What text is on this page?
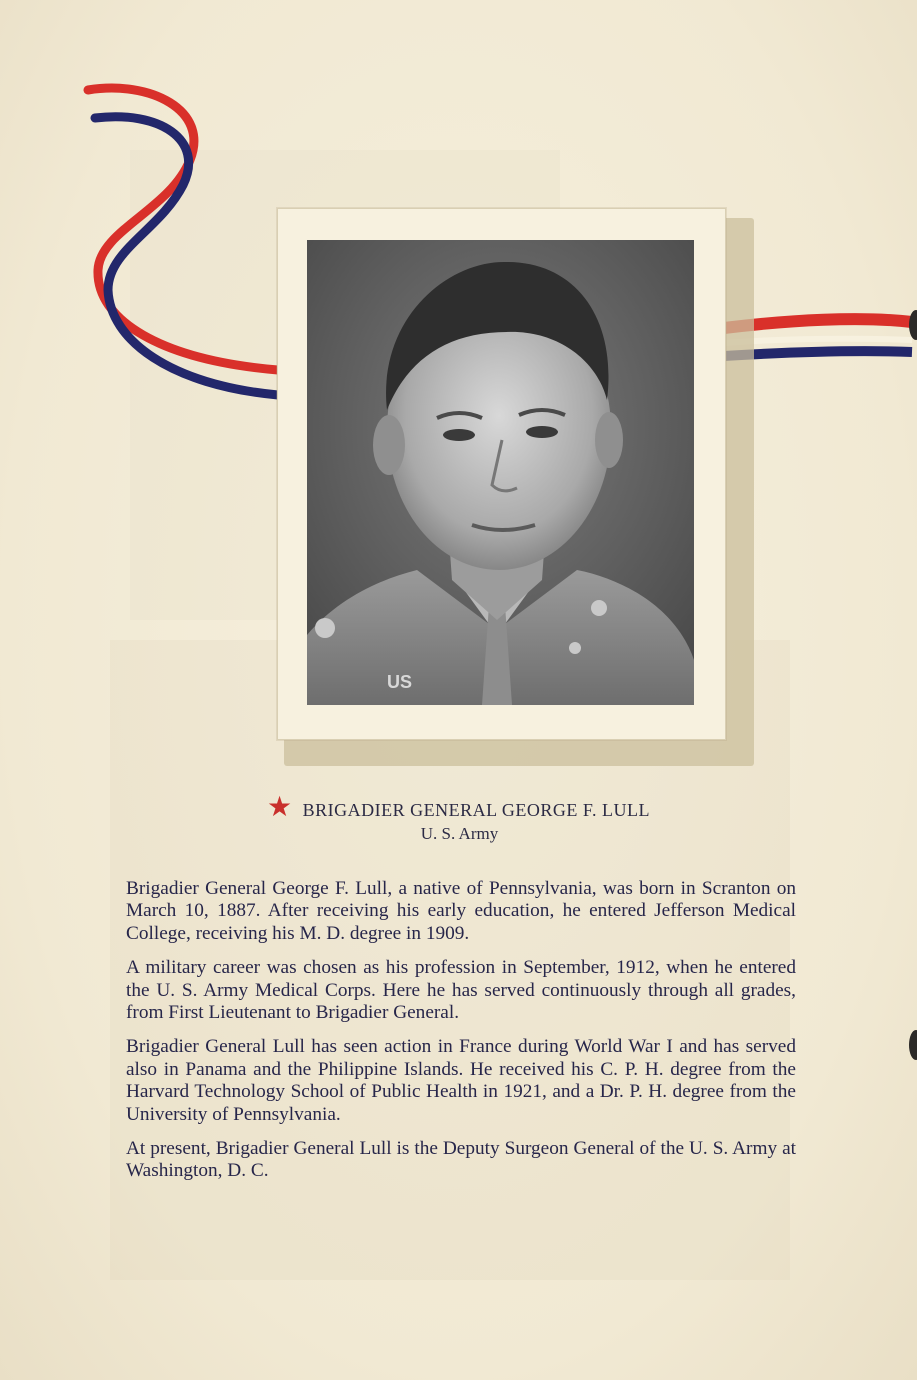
US
★ BRIGADIER GENERAL GEORGE F. LULL
U. S. Army

Brigadier General George F. Lull, a native of Pennsylvania, was born in Scranton on March 10, 1887. After receiving his early education, he entered Jefferson Medical College, receiving his M. D. degree in 1909.

A military career was chosen as his profession in September, 1912, when he entered the U. S. Army Medical Corps. Here he has served continuously through all grades, from First Lieutenant to Brigadier General.

Brigadier General Lull has seen action in France during World War I and has served also in Panama and the Philippine Islands. He received his C. P. H. degree from the Harvard Technology School of Public Health in 1921, and a Dr. P. H. degree from the University of Pennsylvania.

At present, Brigadier General Lull is the Deputy Surgeon General of the U. S. Army at Washington, D. C.
